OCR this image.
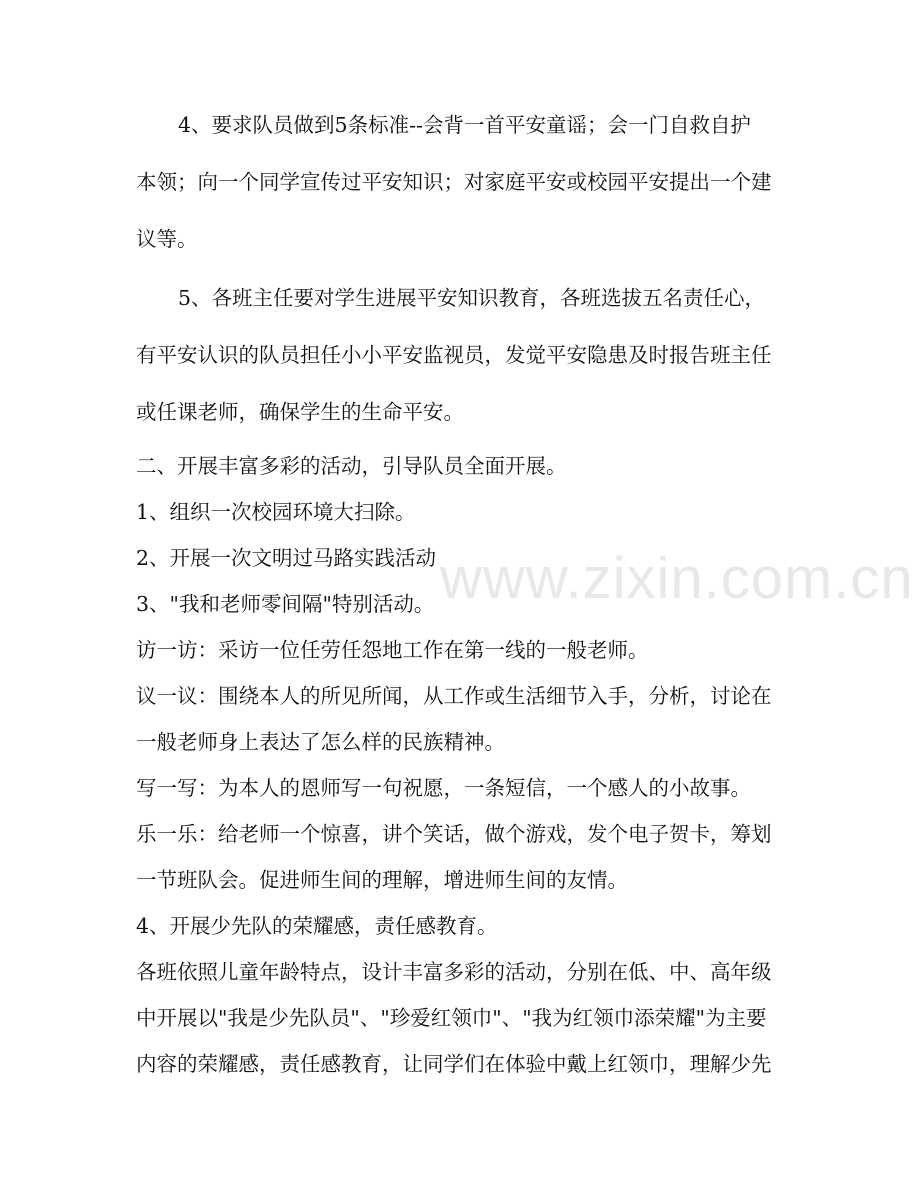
www.zixin.com.cn

4、要求队员做到5条标准--会背一首平安童谣；会一门自救自护

本领；向一个同学宣传过平安知识；对家庭平安或校园平安提出一个建

议等。

5、各班主任要对学生进展平安知识教育，各班选拔五名责任心，

有平安认识的队员担任小小平安监视员，发觉平安隐患及时报告班主任

或任课老师，确保学生的生命平安。

二、开展丰富多彩的活动，引导队员全面开展。

1、组织一次校园环境大扫除。

2、开展一次文明过马路实践活动

3、"我和老师零间隔"特别活动。

访一访：采访一位任劳任怨地工作在第一线的一般老师。

议一议：围绕本人的所见所闻，从工作或生活细节入手，分析，讨论在

一般老师身上表达了怎么样的民族精神。

写一写：为本人的恩师写一句祝愿，一条短信，一个感人的小故事。

乐一乐：给老师一个惊喜，讲个笑话，做个游戏，发个电子贺卡，筹划

一节班队会。促进师生间的理解，增进师生间的友情。

4、开展少先队的荣耀感，责任感教育。

各班依照儿童年龄特点，设计丰富多彩的活动，分别在低、中、高年级

中开展以"我是少先队员"、"珍爱红领巾"、"我为红领巾添荣耀"为主要

内容的荣耀感，责任感教育，让同学们在体验中戴上红领巾，理解少先
